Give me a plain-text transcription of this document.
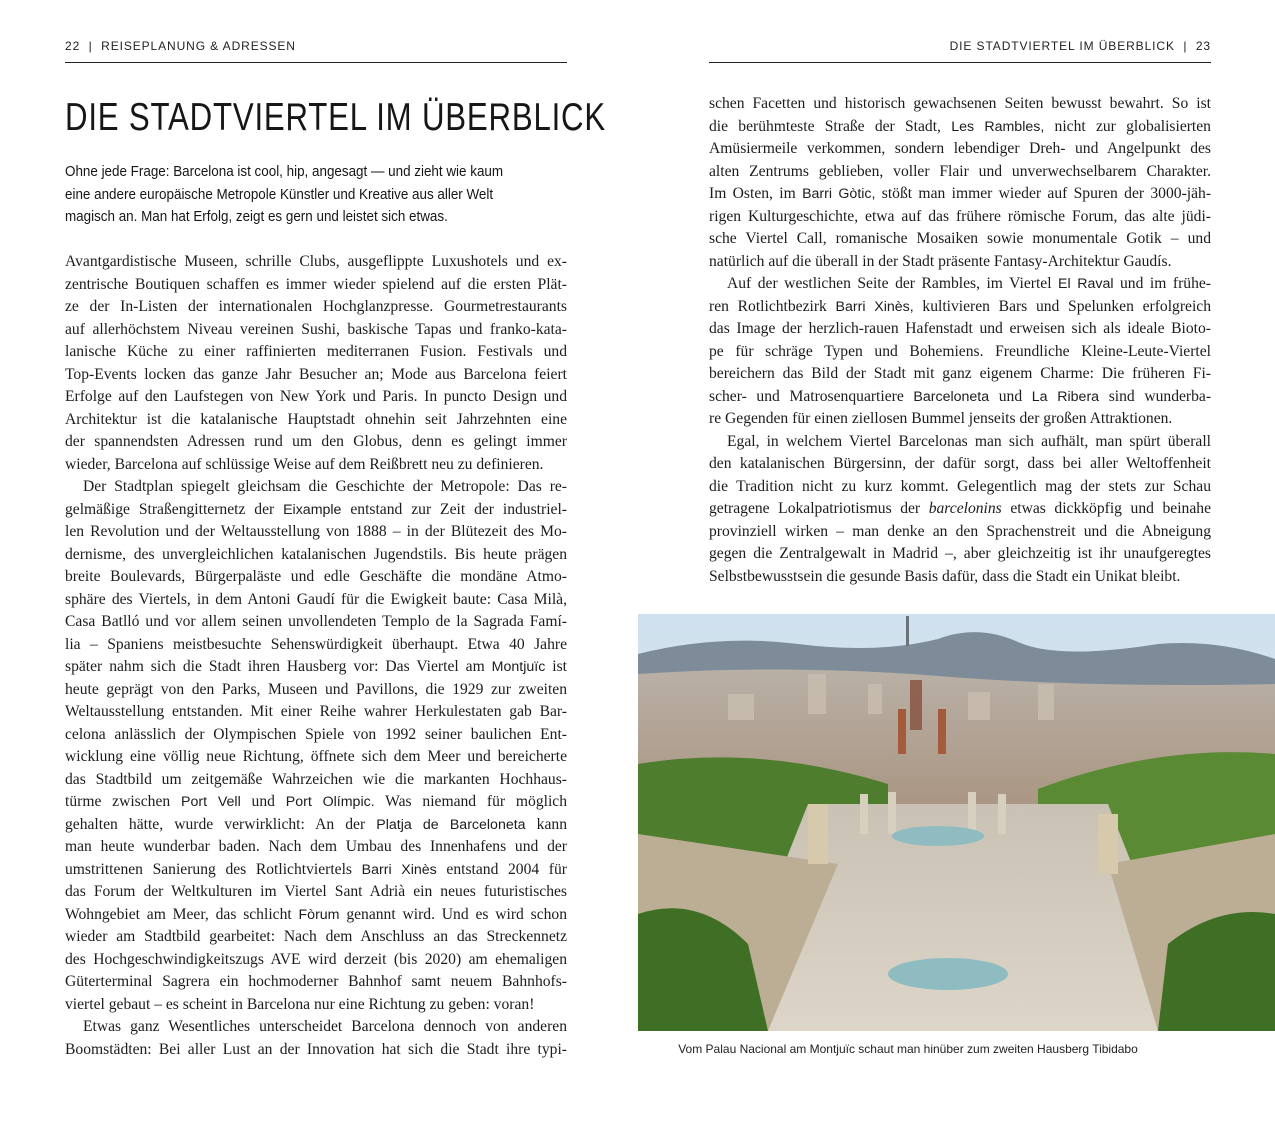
22 | REISEPLANUNG & ADRESSEN	DIE STADTVIERTEL IM ÜBERBLICK | 23
DIE STADTVIERTEL IM ÜBERBLICK
Ohne jede Frage: Barcelona ist cool, hip, angesagt — und zieht wie kaum
eine andere europäische Metropole Künstler und Kreative aus aller Welt
magisch an. Man hat Erfolg, zeigt es gern und leistet sich etwas.
Avantgardistische Museen, schrille Clubs, ausgeflippte Luxushotels und ex-
zentrische Boutiquen schaffen es immer wieder spielend auf die ersten Plät-
ze der In-Listen der internationalen Hochglanzpresse. Gourmetrestaurants
auf allerhöchstem Niveau vereinen Sushi, baskische Tapas und franko-kata-
lanische Küche zu einer raffinierten mediterranen Fusion. Festivals und
Top-Events locken das ganze Jahr Besucher an; Mode aus Barcelona feiert
Erfolge auf den Laufstegen von New York und Paris. In puncto Design und
Architektur ist die katalanische Hauptstadt ohnehin seit Jahrzehnten eine
der spannendsten Adressen rund um den Globus, denn es gelingt immer
wieder, Barcelona auf schlüssige Weise auf dem Reißbrett neu zu definieren.
Der Stadtplan spiegelt gleichsam die Geschichte der Metropole: Das re-
gelmäßige Straßengitternetz der Eixample entstand zur Zeit der industriel-
len Revolution und der Weltausstellung von 1888 – in der Blütezeit des Mo-
dernisme, des unvergleichlichen katalanischen Jugendstils. Bis heute prägen
breite Boulevards, Bürgerpaläste und edle Geschäfte die mondäne Atmo-
sphäre des Viertels, in dem Antoni Gaudí für die Ewigkeit baute: Casa Milà,
Casa Batlló und vor allem seinen unvollendeten Templo de la Sagrada Famí-
lia – Spaniens meistbesuchte Sehenswürdigkeit überhaupt. Etwa 40 Jahre
später nahm sich die Stadt ihren Hausberg vor: Das Viertel am Montjuïc ist
heute geprägt von den Parks, Museen und Pavillons, die 1929 zur zweiten
Weltausstellung entstanden. Mit einer Reihe wahrer Herkulestaten gab Bar-
celona anlässlich der Olympischen Spiele von 1992 seiner baulichen Ent-
wicklung eine völlig neue Richtung, öffnete sich dem Meer und bereicherte
das Stadtbild um zeitgemäße Wahrzeichen wie die markanten Hochhaus-
türme zwischen Port Vell und Port Olímpic. Was niemand für möglich
gehalten hätte, wurde verwirklicht: An der Platja de Barceloneta kann
man heute wunderbar baden. Nach dem Umbau des Innenhafens und der
umstrittenen Sanierung des Rotlichtviertels Barri Xinès entstand 2004 für
das Forum der Weltkulturen im Viertel Sant Adrià ein neues futuristisches
Wohngebiet am Meer, das schlicht Fòrum genannt wird. Und es wird schon
wieder am Stadtbild gearbeitet: Nach dem Anschluss an das Streckennetz
des Hochgeschwindigkeitszugs AVE wird derzeit (bis 2020) am ehemaligen
Güterterminal Sagrera ein hochmoderner Bahnhof samt neuem Bahnhofs-
viertel gebaut – es scheint in Barcelona nur eine Richtung zu geben: voran!
Etwas ganz Wesentliches unterscheidet Barcelona dennoch von anderen
Boomstädten: Bei aller Lust an der Innovation hat sich die Stadt ihre typi-
schen Facetten und historisch gewachsenen Seiten bewusst bewahrt. So ist
die berühmteste Straße der Stadt, Les Rambles, nicht zur globalisierten
Amüsiermeile verkommen, sondern lebendiger Dreh- und Angelpunkt des
alten Zentrums geblieben, voller Flair und unverwechselbarem Charakter.
Im Osten, im Barri Gòtic, stößt man immer wieder auf Spuren der 3000-jäh-
rigen Kulturgeschichte, etwa auf das frühere römische Forum, das alte jüdi-
sche Viertel Call, romanische Mosaiken sowie monumentale Gotik – und
natürlich auf die überall in der Stadt präsente Fantasy-Architektur Gaudís.
Auf der westlichen Seite der Rambles, im Viertel El Raval und im frühe-
ren Rotlichtbezirk Barri Xinès, kultivieren Bars und Spelunken erfolgreich
das Image der herzlich-rauen Hafenstadt und erweisen sich als ideale Bioto-
pe für schräge Typen und Bohemiens. Freundliche Kleine-Leute-Viertel
bereichern das Bild der Stadt mit ganz eigenem Charme: Die früheren Fi-
scher- und Matrosenquartiere Barceloneta und La Ribera sind wunderba-
re Gegenden für einen ziellosen Bummel jenseits der großen Attraktionen.
Egal, in welchem Viertel Barcelonas man sich aufhält, man spürt überall
den katalanischen Bürgersinn, der dafür sorgt, dass bei aller Weltoffenheit
die Tradition nicht zu kurz kommt. Gelegentlich mag der stets zur Schau
getragene Lokalpatriotismus der barcelonins etwas dickköpfig und beinahe
provinziell wirken – man denke an den Sprachenstreit und die Abneigung
gegen die Zentralgewalt in Madrid –, aber gleichzeitig ist ihr unaufgeregtes
Selbstbewusstsein die gesunde Basis dafür, dass die Stadt ein Unikat bleibt.
Vom Palau Nacional am Montjuïc schaut man hinüber zum zweiten Hausberg Tibidabo
